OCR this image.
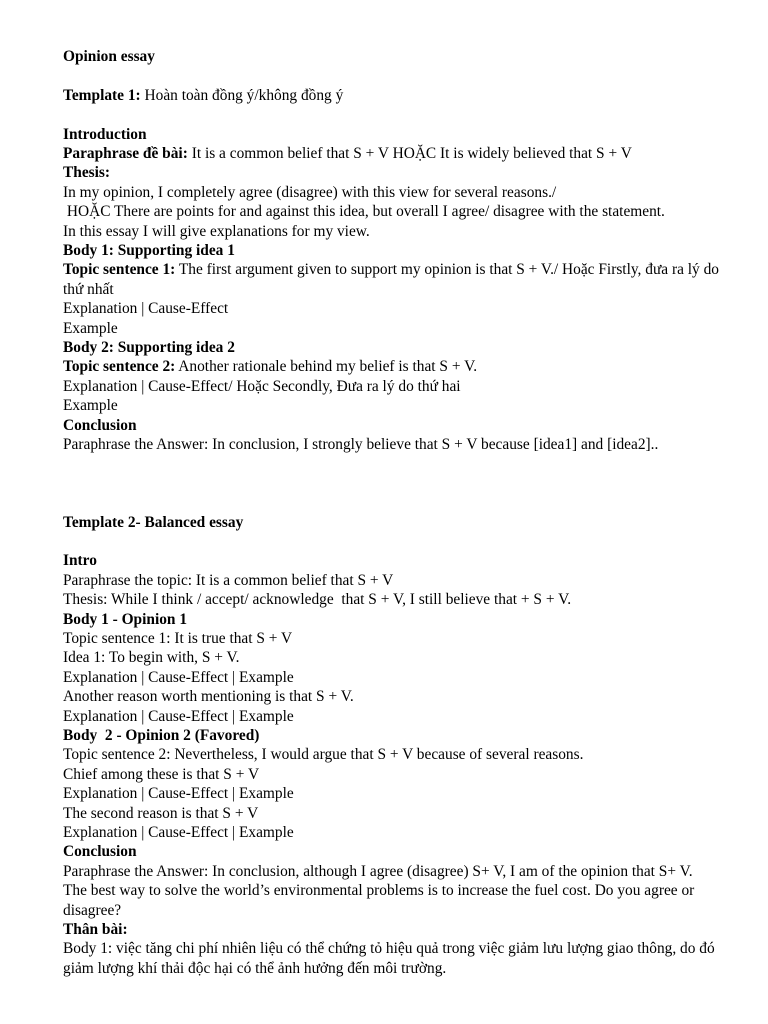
Opinion essay

Template 1: Hoàn toàn đồng ý/không đồng ý

Introduction

Paraphrase đề bài: It is a common belief that S + V HOẶC It is widely believed that S + V

Thesis:

In my opinion, I completely agree (disagree) with this view for several reasons./

HOẶC There are points for and against this idea, but overall I agree/ disagree with the statement.

In this essay I will give explanations for my view.

Body 1: Supporting idea 1

Topic sentence 1: The first argument given to support my opinion is that S + V./ Hoặc Firstly, đưa ra lý do thứ nhất

Explanation | Cause-Effect

Example

Body 2: Supporting idea 2

Topic sentence 2: Another rationale behind my belief is that S + V.

Explanation | Cause-Effect/ Hoặc Secondly, Đưa ra lý do thứ hai

Example

Conclusion

Paraphrase the Answer: In conclusion, I strongly believe that S + V because [idea1] and [idea2]..

Template 2- Balanced essay

Intro

Paraphrase the topic: It is a common belief that S + V

Thesis: While I think / accept/ acknowledge  that S + V, I still believe that + S + V.

Body 1 - Opinion 1

Topic sentence 1: It is true that S + V

Idea 1: To begin with, S + V.

Explanation | Cause-Effect | Example

Another reason worth mentioning is that S + V.

Explanation | Cause-Effect | Example

Body  2 - Opinion 2 (Favored)

Topic sentence 2: Nevertheless, I would argue that S + V because of several reasons.

Chief among these is that S + V

Explanation | Cause-Effect | Example

The second reason is that S + V

Explanation | Cause-Effect | Example

Conclusion

Paraphrase the Answer: In conclusion, although I agree (disagree) S+ V, I am of the opinion that S+ V.

The best way to solve the world’s environmental problems is to increase the fuel cost. Do you agree or disagree?

Thân bài:

Body 1: việc tăng chi phí nhiên liệu có thể chứng tỏ hiệu quả trong việc giảm lưu lượng giao thông, do đó giảm lượng khí thải độc hại có thể ảnh hưởng đến môi trường.
